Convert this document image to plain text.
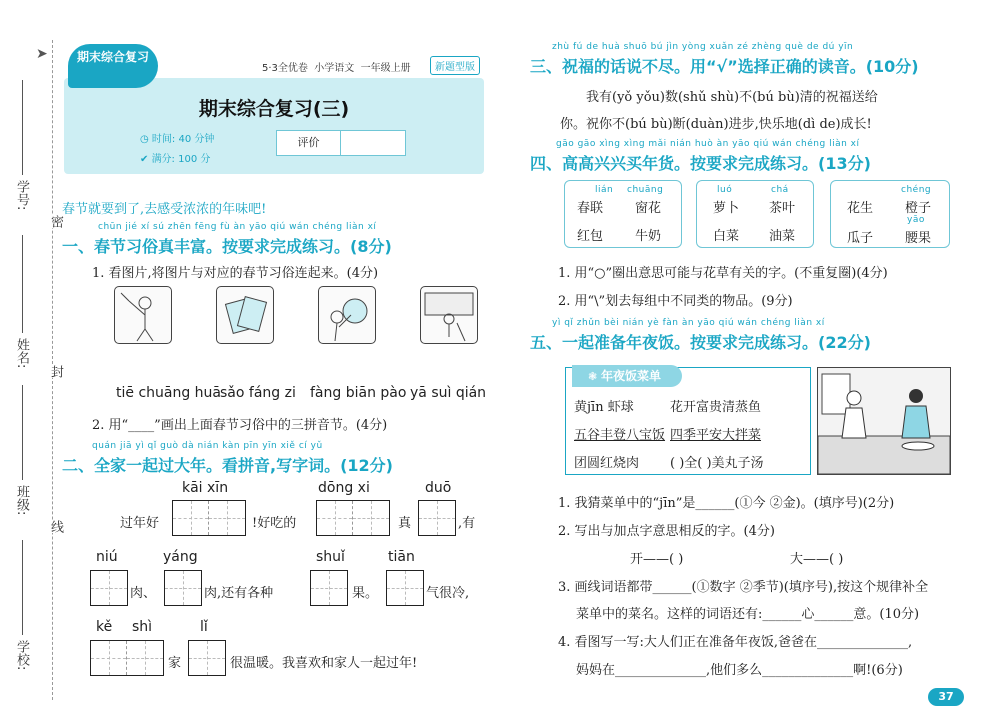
学号:
姓名:
班级:
学校:
密
封
线
➤
5·3全优卷 小学语文 一年级上册	新题型版
期末综合复习(三)
◷ 时间: 40 分钟
✔ 满分: 100 分
期末综合复习
评价
春节就要到了,去感受浓浓的年味吧!
chūn jié xí sú zhēn fēng fù àn yāo qiú wán chéng liàn xí
一、春节习俗真丰富。按要求完成练习。(8分)
1. 看图片,将图片与对应的春节习俗连起来。(4分)
tiē chuāng huā sǎo fáng zi fàng biān pào yā suì qián
2. 用“____”画出上面春节习俗中的三拼音节。(4分)
quán jiā yì qǐ guò dà nián kàn pīn yīn xiě cí yǔ
二、全家一起过大年。看拼音,写字词。(12分)
kāi xīn	dōng xi	duō
过年好	!好吃的	真	,有
niú	yáng	shuǐ	tiān
肉、	肉,还有各种	果。	气很冷,
kě shì	lǐ
家	很温暖。我喜欢和家人一起过年!
zhù fú de huà shuō bú jìn yòng xuǎn zé zhèng què de dú yīn
三、祝福的话说不尽。用“√”选择正确的读音。(10分)
我有(yǒ yǒu)数(shǔ shù)不(bú bù)清的祝福送给
你。祝你不(bú bù)断(duàn)进步,快乐地(dì de)成长!
gāo gāo xìng xìng mǎi nián huò àn yāo qiú wán chéng liàn xí
四、高高兴兴买年货。按要求完成练习。(13分)
lián chuāng
春联 窗花
红包 牛奶
luó	chá
萝卜 茶叶
白菜 油菜
chéng
yāo
花生 橙子
瓜子 腰果
1. 用“○”圈出意思可能与花草有关的字。(不重复圈)(4分)
2. 用“\”划去每组中不同类的物品。(9分)
yì qǐ zhǔn bèi nián yè fàn àn yāo qiú wán chéng liàn xí
五、一起准备年夜饭。按要求完成练习。(22分)
黄jīn 虾球	花开富贵清蒸鱼
五谷丰登八宝饭 四季平安大拌菜
团圆红烧肉 ( )全( )美丸子汤
❃ 年夜饭菜单
1. 我猜菜单中的“jīn”是______(①今 ②金)。(填序号)(2分)
2. 写出与加点字意思相反的字。(4分)
开——( )	大——( )
3. 画线词语都带______(①数字 ②季节)(填序号),按这个规律补全
菜单中的菜名。这样的词语还有:______心______意。(10分)
4. 看图写一写:大人们正在准备年夜饭,爸爸在______________,
妈妈在______________,他们多么______________啊!(6分)
37
